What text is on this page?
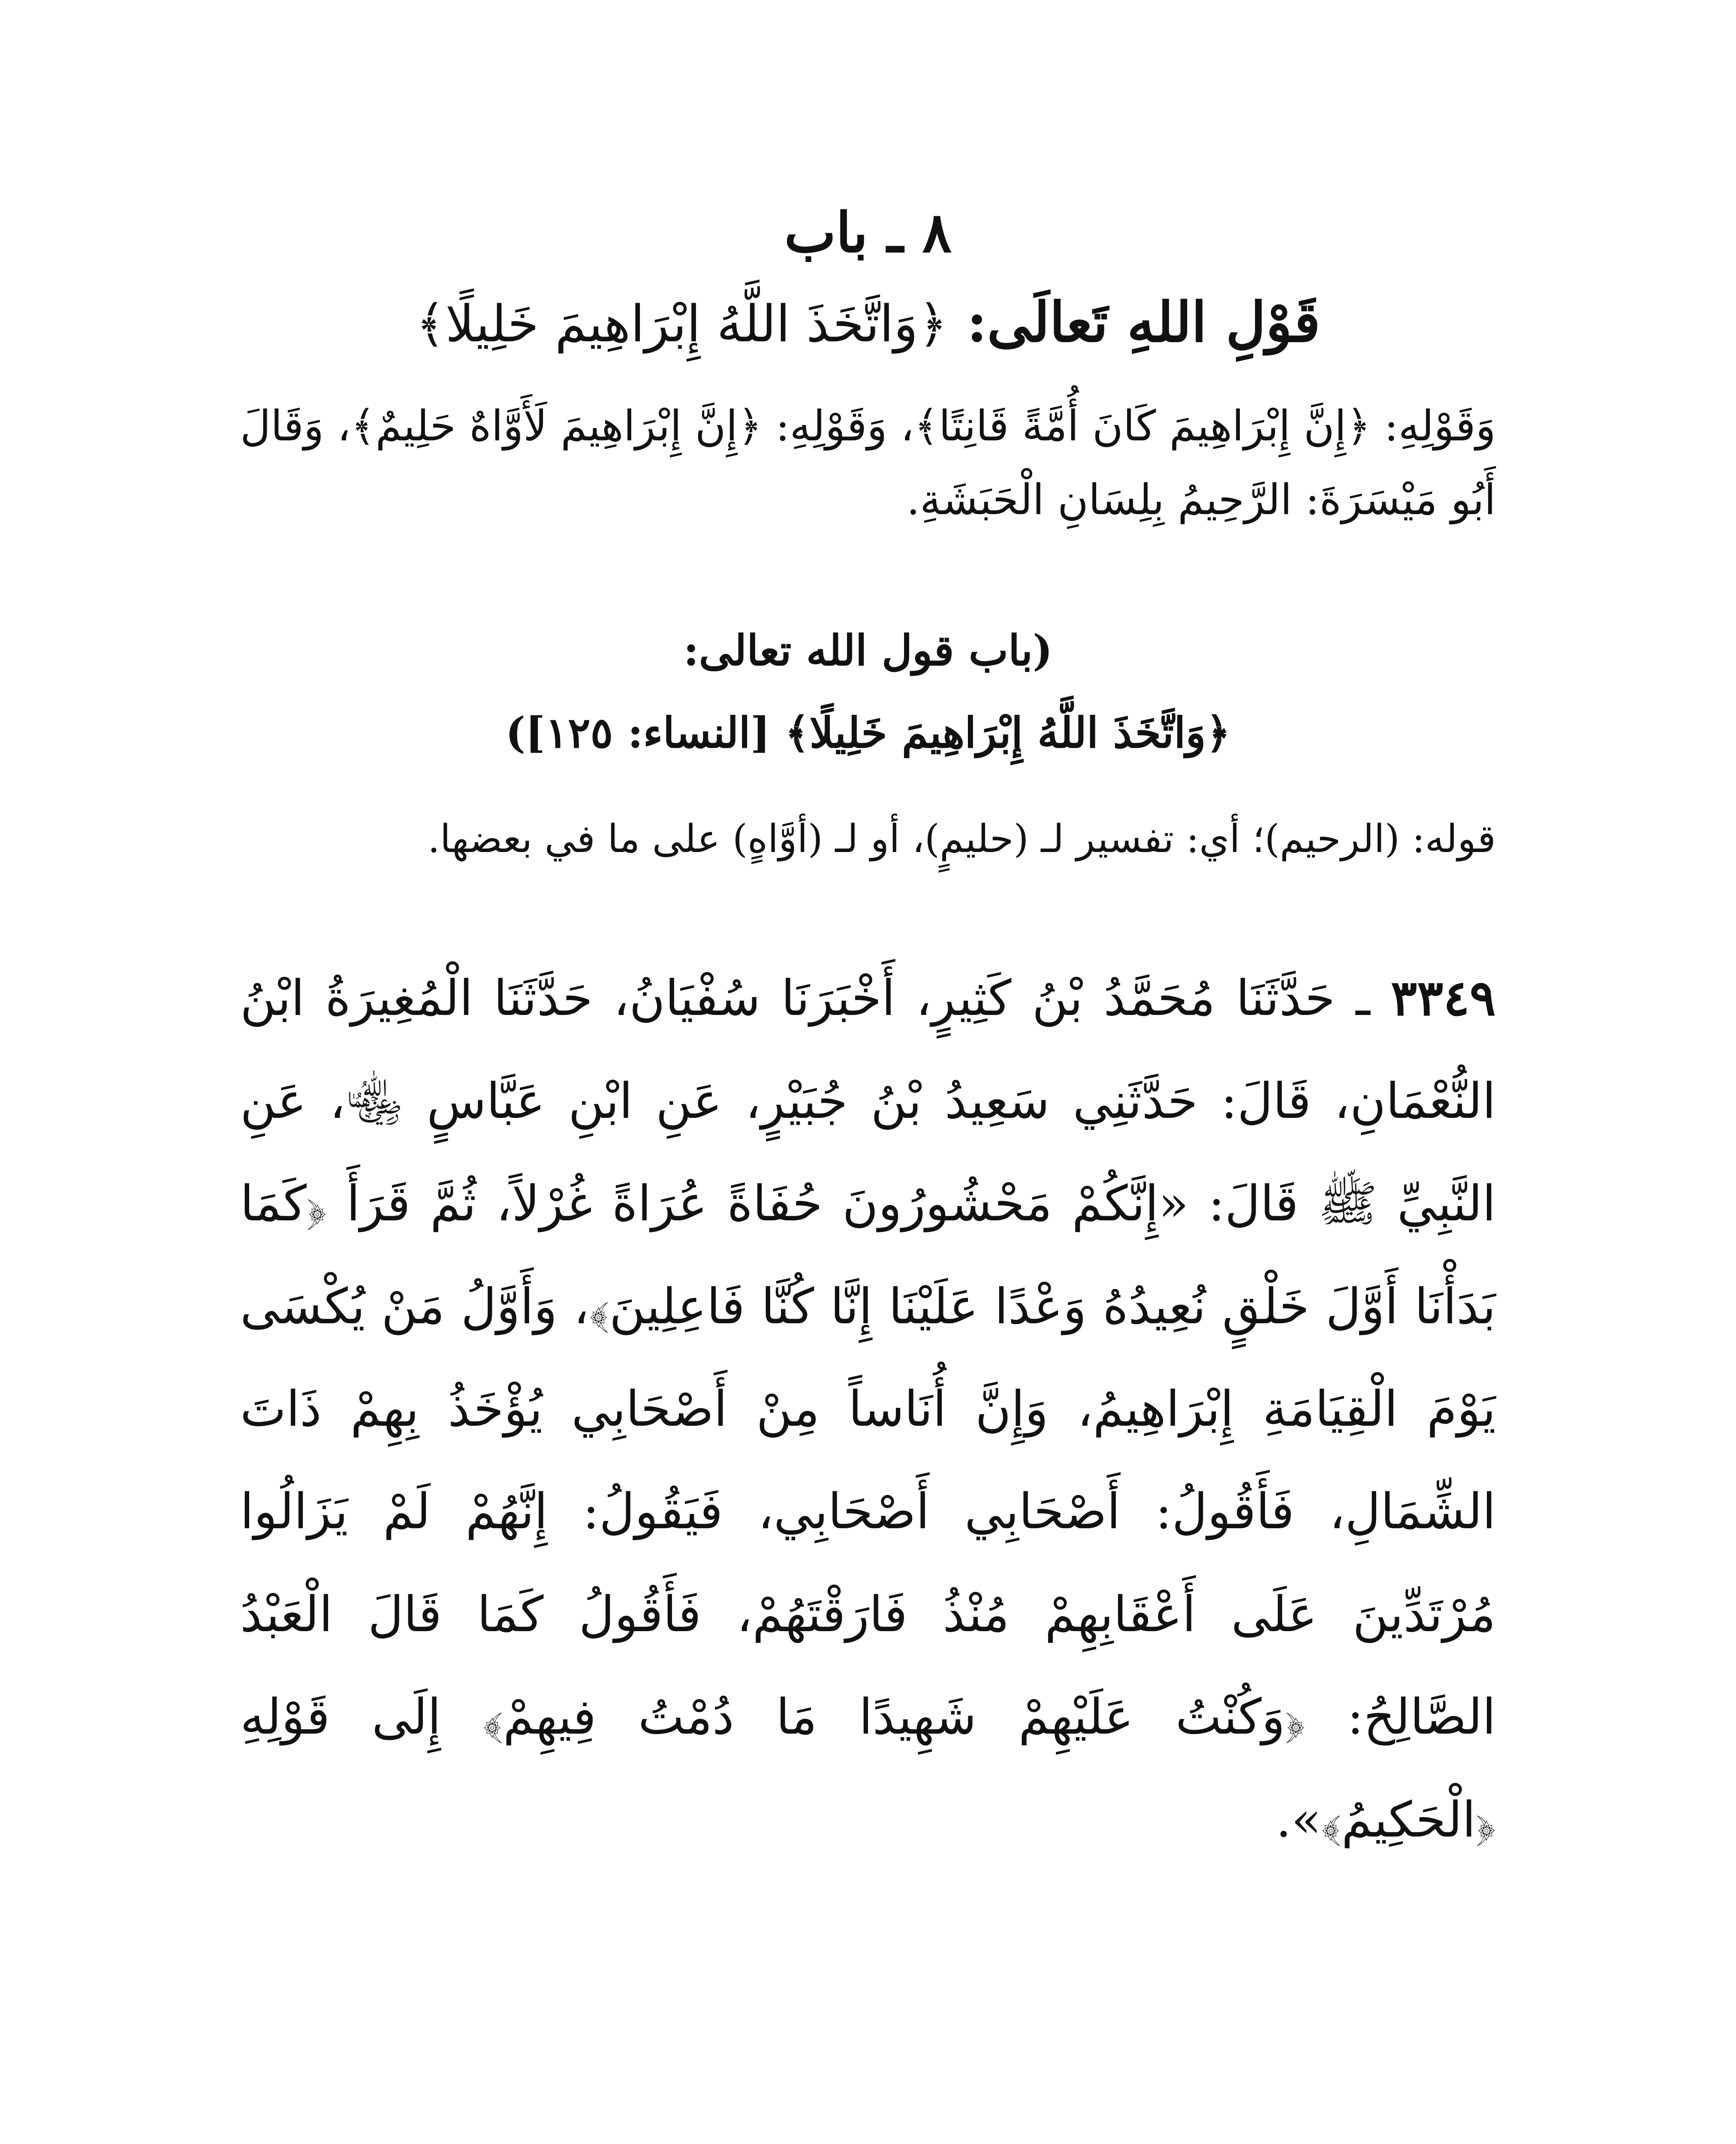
٨ ـ باب
قَوْلِ اللهِ تَعالَى: ﴿وَاتَّخَذَ اللَّهُ إِبْرَاهِيمَ خَلِيلًا﴾

وَقَوْلِهِ: ﴿إِنَّ إِبْرَاهِيمَ كَانَ أُمَّةً قَانِتًا﴾، وَقَوْلِهِ: ﴿إِنَّ إِبْرَاهِيمَ لَأَوَّاهٌ حَلِيمٌ﴾، وَقَالَ أَبُو مَيْسَرَةَ: الرَّحِيمُ بِلِسَانِ الْحَبَشَةِ.

(باب قول الله تعالى:
﴿وَاتَّخَذَ اللَّهُ إِبْرَاهِيمَ خَلِيلًا﴾ [النساء: ١٢٥])

قوله: (الرحيم)؛ أي: تفسير لـ (حليمٍ)، أو لـ (أوَّاهٍ) على ما في بعضها.

٣٣٤٩ ـ حَدَّثَنَا مُحَمَّدُ بْنُ كَثِيرٍ، أَخْبَرَنَا سُفْيَانُ، حَدَّثَنَا الْمُغِيرَةُ ابْنُ النُّعْمَانِ، قَالَ: حَدَّثَنِي سَعِيدُ بْنُ جُبَيْرٍ، عَنِ ابْنِ عَبَّاسٍ ﵄، عَنِ النَّبِيِّ ﷺ قَالَ: «إِنَّكُمْ مَحْشُورُونَ حُفَاةً عُرَاةً غُرْلاً، ثُمَّ قَرَأَ ﴿كَمَا بَدَأْنَا أَوَّلَ خَلْقٍ نُعِيدُهُ وَعْدًا عَلَيْنَا إِنَّا كُنَّا فَاعِلِينَ﴾، وَأَوَّلُ مَنْ يُكْسَى يَوْمَ الْقِيَامَةِ إِبْرَاهِيمُ، وَإِنَّ أُنَاساً مِنْ أَصْحَابِي يُؤْخَذُ بِهِمْ ذَاتَ الشِّمَالِ، فَأَقُولُ: أَصْحَابِي أَصْحَابِي، فَيَقُولُ: إِنَّهُمْ لَمْ يَزَالُوا مُرْتَدِّينَ عَلَى أَعْقَابِهِمْ مُنْذُ فَارَقْتَهُمْ، فَأَقُولُ كَمَا قَالَ الْعَبْدُ الصَّالِحُ: ﴿وَكُنْتُ عَلَيْهِمْ شَهِيدًا مَا دُمْتُ فِيهِمْ﴾ إِلَى قَوْلِهِ ﴿الْحَكِيمُ﴾».
